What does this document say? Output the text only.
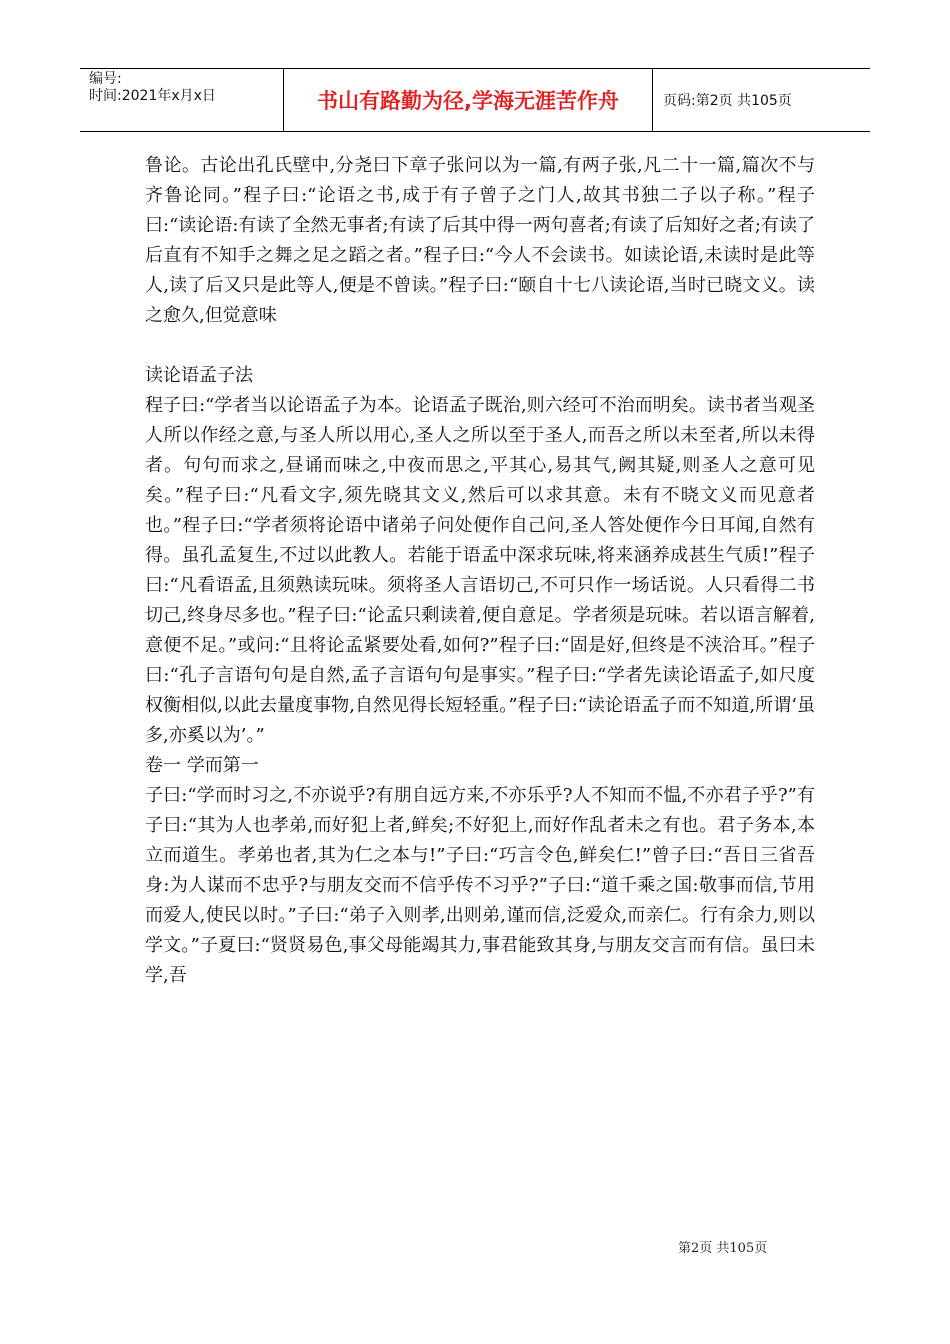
编号:
时间:2021年x月x日	书山有路勤为径,学海无涯苦作舟	页码:第2页 共105页

鲁论。古论出孔氏壁中,分尧曰下章子张问以为一篇,有两子张,凡二十一篇,篇次不与齐鲁论同。”程子曰:“论语之书,成于有子曾子之门人,故其书独二子以子称。”程子曰:“读论语:有读了全然无事者;有读了后其中得一两句喜者;有读了后知好之者;有读了后直有不知手之舞之足之蹈之者。”程子曰:“今人不会读书。如读论语,未读时是此等人,读了后又只是此等人,便是不曾读。”程子曰:“颐自十七八读论语,当时已晓文义。读之愈久,但觉意味

读论语孟子法

程子曰:“学者当以论语孟子为本。论语孟子既治,则六经可不治而明矣。读书者当观圣人所以作经之意,与圣人所以用心,圣人之所以至于圣人,而吾之所以未至者,所以未得者。句句而求之,昼诵而味之,中夜而思之,平其心,易其气,阙其疑,则圣人之意可见矣。”程子曰:“凡看文字,须先晓其文义,然后可以求其意。未有不晓文义而见意者也。”程子曰:“学者须将论语中诸弟子问处便作自己问,圣人答处便作今日耳闻,自然有得。虽孔孟复生,不过以此教人。若能于语孟中深求玩味,将来涵养成甚生气质!”程子曰:“凡看语孟,且须熟读玩味。须将圣人言语切己,不可只作一场话说。人只看得二书切己,终身尽多也。”程子曰:“论孟只剩读着,便自意足。学者须是玩味。若以语言解着,意便不足。”或问:“且将论孟紧要处看,如何?”程子曰:“固是好,但终是不浃洽耳。”程子曰:“孔子言语句句是自然,孟子言语句句是事实。”程子曰:“学者先读论语孟子,如尺度权衡相似,以此去量度事物,自然见得长短轻重。”程子曰:“读论语孟子而不知道,所谓‘虽多,亦奚以为’。”

卷一 学而第一

子曰:“学而时习之,不亦说乎?有朋自远方来,不亦乐乎?人不知而不愠,不亦君子乎?”有子曰:“其为人也孝弟,而好犯上者,鲜矣;不好犯上,而好作乱者未之有也。君子务本,本立而道生。孝弟也者,其为仁之本与!”子曰:“巧言令色,鲜矣仁!”曾子曰:“吾日三省吾身:为人谋而不忠乎?与朋友交而不信乎传不习乎?”子曰:“道千乘之国:敬事而信,节用而爱人,使民以时。”子曰:“弟子入则孝,出则弟,谨而信,泛爱众,而亲仁。行有余力,则以学文。”子夏曰:“贤贤易色,事父母能竭其力,事君能致其身,与朋友交言而有信。虽曰未学,吾

第2页 共105页
